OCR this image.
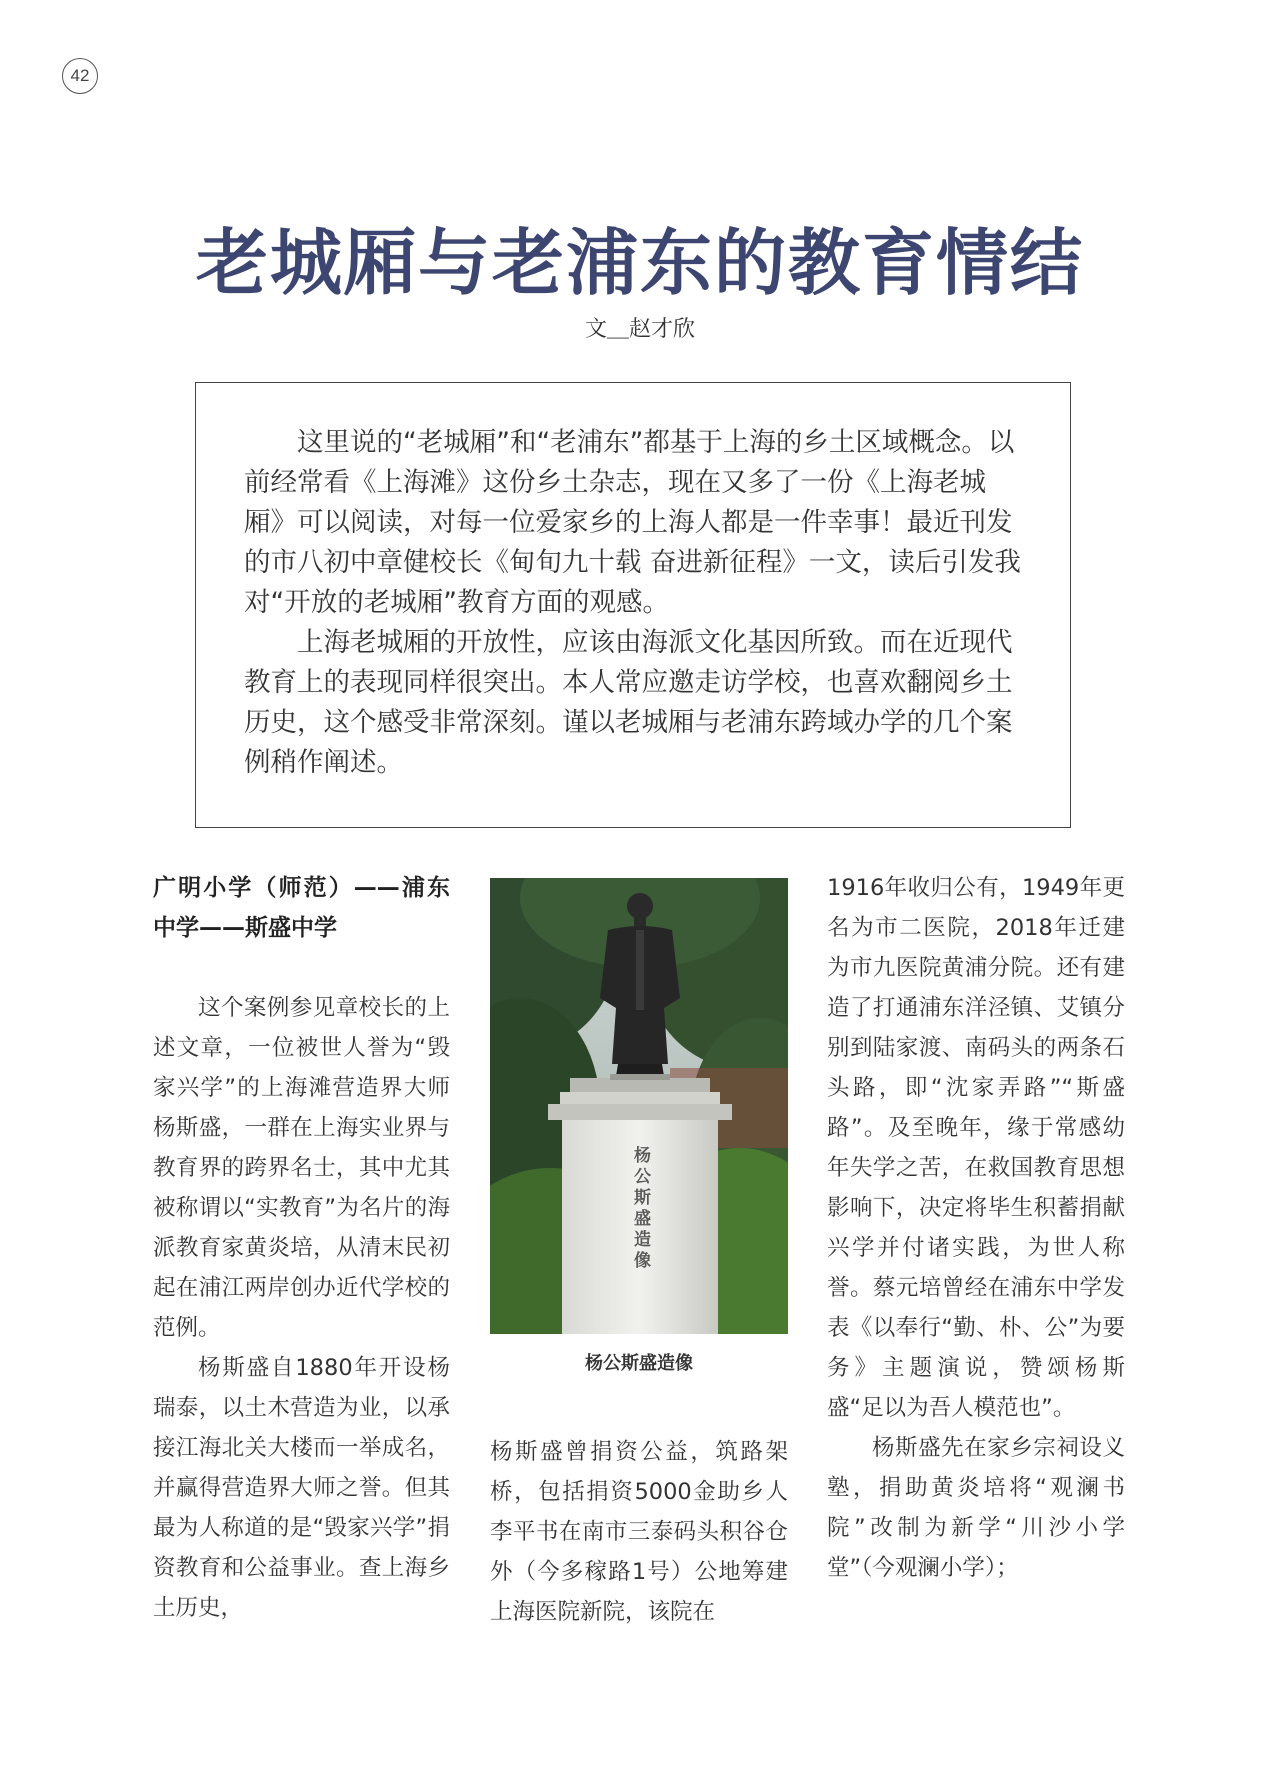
42
老城厢与老浦东的教育情结
文＿赵才欣

这里说的“老城厢”和“老浦东”都基于上海的乡土区域概念。以前经常看《上海滩》这份乡土杂志，现在又多了一份《上海老城厢》可以阅读，对每一位爱家乡的上海人都是一件幸事！最近刊发的市八初中章健校长《甸旬九十载 奋进新征程》一文，读后引发我对“开放的老城厢”教育方面的观感。

上海老城厢的开放性，应该由海派文化基因所致。而在近现代教育上的表现同样很突出。本人常应邀走访学校，也喜欢翻阅乡土历史，这个感受非常深刻。谨以老城厢与老浦东跨域办学的几个案例稍作阐述。

广明小学（师范）——浦东中学——斯盛中学

这个案例参见章校长的上述文章，一位被世人誉为“毁家兴学”的上海滩营造界大师杨斯盛，一群在上海实业界与教育界的跨界名士，其中尤其被称谓以“实教育”为名片的海派教育家黄炎培，从清末民初起在浦江两岸创办近代学校的范例。

杨斯盛自1880年开设杨瑞泰，以土木营造为业，以承接江海北关大楼而一举成名，并赢得营造界大师之誉。但其最为人称道的是“毁家兴学”捐资教育和公益事业。查上海乡土历史，

杨公斯盛造像
杨公斯盛造像

杨斯盛曾捐资公益，筑路架桥，包括捐资5000金助乡人李平书在南市三泰码头积谷仓外（今多稼路1号）公地筹建上海医院新院，该院在

1916年收归公有，1949年更名为市二医院，2018年迁建为市九医院黄浦分院。还有建造了打通浦东洋泾镇、艾镇分别到陆家渡、南码头的两条石头路，即“沈家弄路”“斯盛路”。及至晚年，缘于常感幼年失学之苦，在救国教育思想影响下，决定将毕生积蓄捐献兴学并付诸实践，为世人称誉。蔡元培曾经在浦东中学发表《以奉行“勤、朴、公”为要务》主题演说，赞颂杨斯盛“足以为吾人模范也”。

杨斯盛先在家乡宗祠设义塾，捐助黄炎培将“观澜书院”改制为新学“川沙小学堂”（今观澜小学）；
